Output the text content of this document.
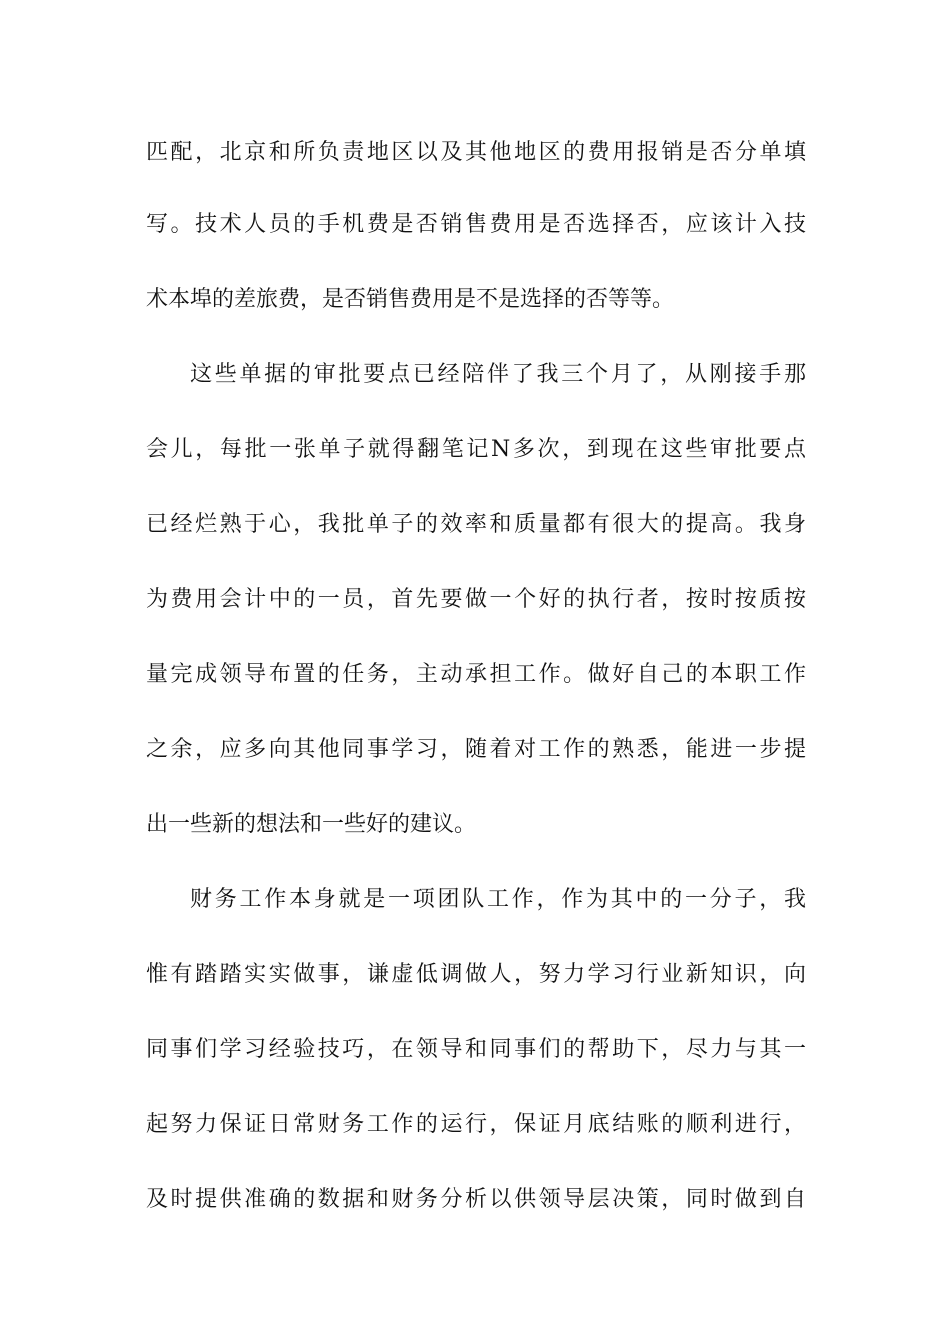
匹配，北京和所负责地区以及其他地区的费用报销是否分单填
写。技术人员的手机费是否销售费用是否选择否，应该计入技
术本埠的差旅费，是否销售费用是不是选择的否等等。
这些单据的审批要点已经陪伴了我三个月了，从刚接手那
会儿，每批一张单子就得翻笔记N多次，到现在这些审批要点
已经烂熟于心，我批单子的效率和质量都有很大的提高。我身
为费用会计中的一员，首先要做一个好的执行者，按时按质按
量完成领导布置的任务，主动承担工作。做好自己的本职工作
之余，应多向其他同事学习，随着对工作的熟悉，能进一步提
出一些新的想法和一些好的建议。
财务工作本身就是一项团队工作，作为其中的一分子，我
惟有踏踏实实做事，谦虚低调做人，努力学习行业新知识，向
同事们学习经验技巧，在领导和同事们的帮助下，尽力与其一
起努力保证日常财务工作的运行，保证月底结账的顺利进行，
及时提供准确的数据和财务分析以供领导层决策，同时做到自
